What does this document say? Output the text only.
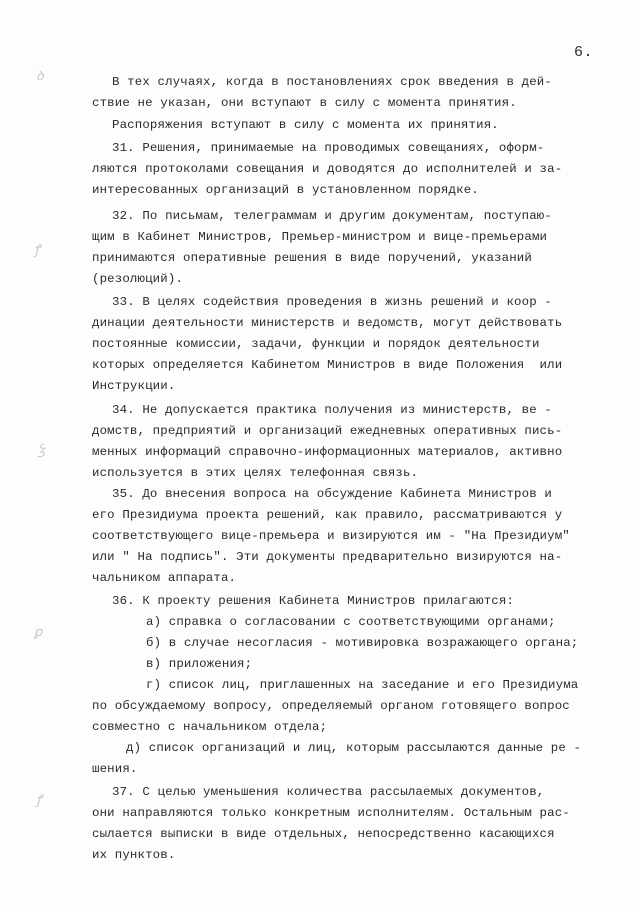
6.
ꝺ
ꝭ
Ꝣ
ꝑ
ꝭ
В тех случаях, когда в постановлениях срок введения в дей-
ствие не указан, они вступают в силу с момента принятия.
Распоряжения вступают в силу с момента их принятия.
31. Решения, принимаемые на проводимых совещаниях, оформ-
ляются протоколами совещания и доводятся до исполнителей и за-
интересованных организаций в установленном порядке.
32. По письмам, телеграммам и другим документам, поступаю-
щим в Кабинет Министров, Премьер-министром и вице-премьерами
принимаются оперативные решения в виде поручений, указаний
(резолюций).
33. В целях содействия проведения в жизнь решений и коор -
динации деятельности министерств и ведомств, могут действовать
постоянные комиссии, задачи, функции и порядок деятельности
которых определяется Кабинетом Министров в виде Положения  или
Инструкции.
34. Не допускается практика получения из министерств, ве -
домств, предприятий и организаций ежедневных оперативных пись-
менных информаций справочно-информационных материалов, активно
используется в этих целях телефонная связь.
35. До внесения вопроса на обсуждение Кабинета Министров и
его Президиума проекта решений, как правило, рассматриваются у
соответствующего вице-премьера и визируются им - "На Президиум"
или " На подпись". Эти документы предварительно визируются на-
чальником аппарата.
36. К проекту решения Кабинета Министров прилагаются:
а) справка о согласовании с соответствующими органами;
б) в случае несогласия - мотивировка возражающего органа;
в) приложения;
г) список лиц, приглашенных на заседание и его Президиума
по обсуждаемому вопросу, определяемый органом готовящего вопрос
совместно с начальником отдела;
д) список организаций и лиц, которым рассылаются данные ре -
шения.
37. С целью уменьшения количества рассылаемых документов,
они направляются только конкретным исполнителям. Остальным рас-
сылается выписки в виде отдельных, непосредственно касающихся
их пунктов.
